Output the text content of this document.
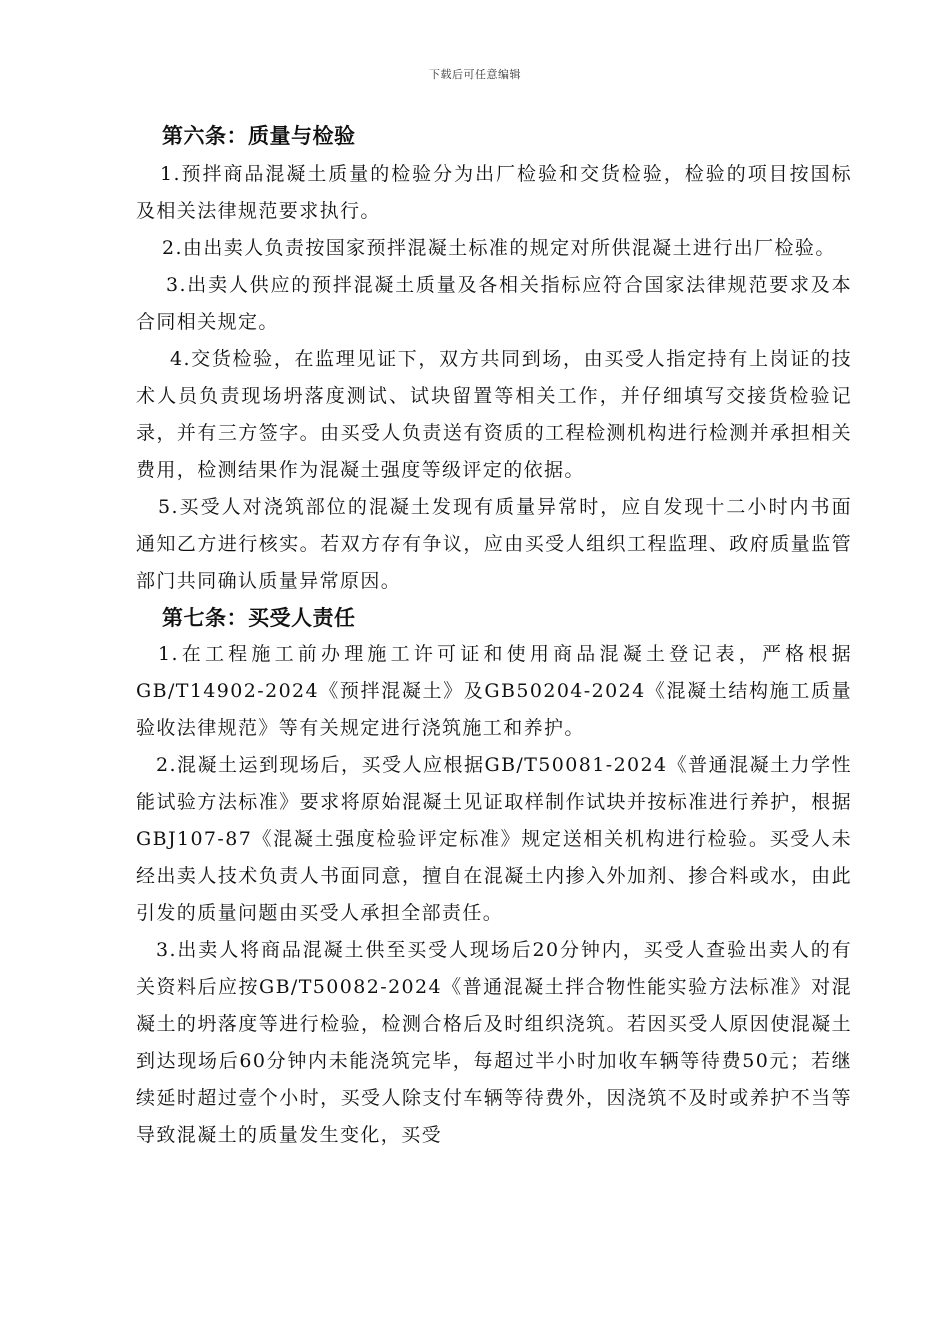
下载后可任意编辑
第六条：质量与检验

1.预拌商品混凝土质量的检验分为出厂检验和交货检验，检验的项目按国标及相关法律规范要求执行。

2.由出卖人负责按国家预拌混凝土标准的规定对所供混凝土进行出厂检验。

3.出卖人供应的预拌混凝土质量及各相关指标应符合国家法律规范要求及本合同相关规定。

4.交货检验，在监理见证下，双方共同到场，由买受人指定持有上岗证的技术人员负责现场坍落度测试、试块留置等相关工作，并仔细填写交接货检验记录，并有三方签字。由买受人负责送有资质的工程检测机构进行检测并承担相关费用，检测结果作为混凝土强度等级评定的依据。

5.买受人对浇筑部位的混凝土发现有质量异常时，应自发现十二小时内书面通知乙方进行核实。若双方存有争议，应由买受人组织工程监理、政府质量监管部门共同确认质量异常原因。

第七条：买受人责任

1.在工程施工前办理施工许可证和使用商品混凝土登记表，严格根据GB/T14902-2024《预拌混凝土》及GB50204-2024《混凝土结构施工质量验收法律规范》等有关规定进行浇筑施工和养护。

2.混凝土运到现场后，买受人应根据GB/T50081-2024《普通混凝土力学性能试验方法标准》要求将原始混凝土见证取样制作试块并按标准进行养护，根据GBJ107-87《混凝土强度检验评定标准》规定送相关机构进行检验。买受人未经出卖人技术负责人书面同意，擅自在混凝土内掺入外加剂、掺合料或水，由此引发的质量问题由买受人承担全部责任。

3.出卖人将商品混凝土供至买受人现场后20分钟内，买受人查验出卖人的有关资料后应按GB/T50082-2024《普通混凝土拌合物性能实验方法标准》对混凝土的坍落度等进行检验，检测合格后及时组织浇筑。若因买受人原因使混凝土到达现场后60分钟内未能浇筑完毕，每超过半小时加收车辆等待费50元；若继续延时超过壹个小时，买受人除支付车辆等待费外，因浇筑不及时或养护不当等导致混凝土的质量发生变化，买受
